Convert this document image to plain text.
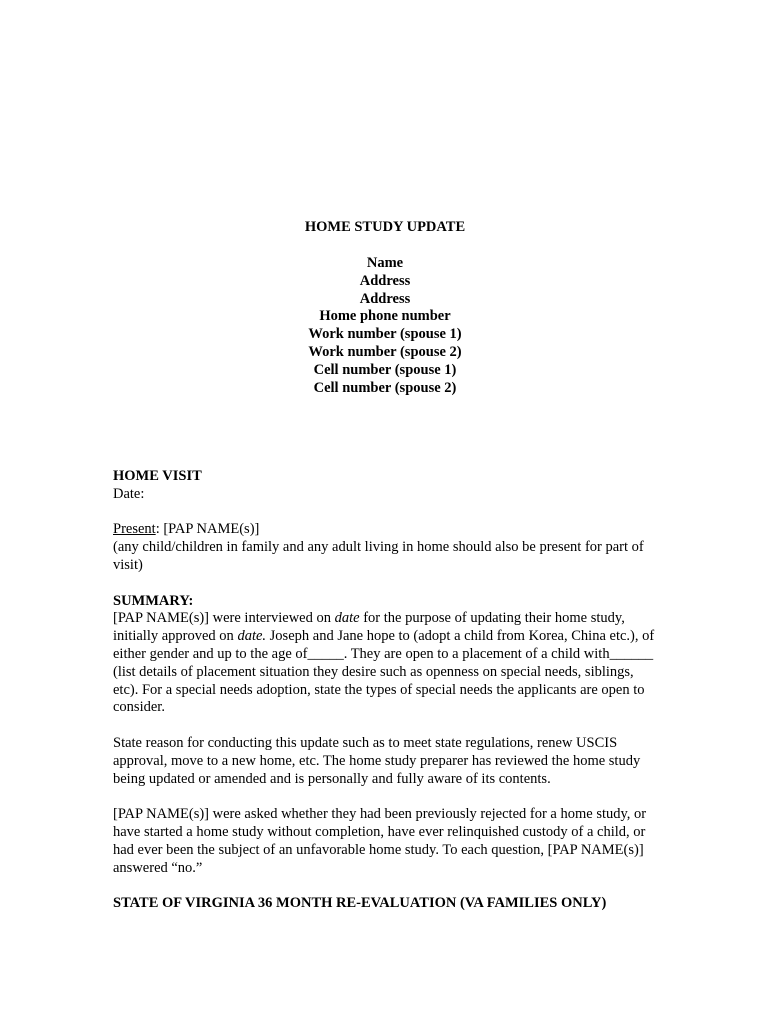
HOME STUDY UPDATE
Name
Address
Address
Home phone number
Work number (spouse 1)
Work number (spouse 2)
Cell number (spouse 1)
Cell number (spouse 2)

HOME VISIT

Date:

Present: [PAP NAME(s)]

(any child/children in family and any adult living in home should also be present for part of visit)

SUMMARY:

[PAP NAME(s)] were interviewed on date for the purpose of updating their home study, initially approved on date. Joseph and Jane hope to (adopt a child from Korea, China etc.), of either gender and up to the age of_____. They are open to a placement of a child with______ (list details of placement situation they desire such as openness on special needs, siblings, etc). For a special needs adoption, state the types of special needs the applicants are open to consider.

State reason for conducting this update such as to meet state regulations, renew USCIS approval, move to a new home, etc. The home study preparer has reviewed the home study being updated or amended and is personally and fully aware of its contents.

[PAP NAME(s)] were asked whether they had been previously rejected for a home study, or have started a home study without completion, have ever relinquished custody of a child, or had ever been the subject of an unfavorable home study. To each question, [PAP NAME(s)] answered “no.”

STATE OF VIRGINIA 36 MONTH RE-EVALUATION (VA FAMILIES ONLY)
